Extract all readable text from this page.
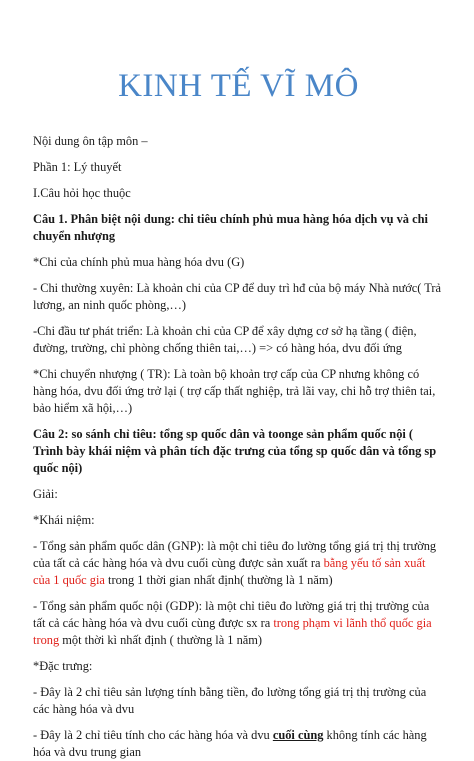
KINH TẾ VĨ MÔ

Nội dung ôn tập môn –

Phần 1: Lý thuyết

I.Câu hỏi học thuộc

Câu 1. Phân biệt nội dung: chi tiêu chính phủ mua hàng hóa dịch vụ và chi chuyển nhượng

*Chi của chính phủ mua hàng hóa dvu (G)

- Chi thường xuyên: Là khoản chi của CP để duy trì hđ của bộ máy Nhà nước( Trả lương, an ninh quốc phòng,…)

-Chi đầu tư phát triển: Là khoản chi của CP để xây dựng cơ sở hạ tầng ( điện, đường, trường, chỉ phòng chống thiên tai,…) => có hàng hóa, dvu đối ứng

*Chi chuyển nhượng ( TR): Là toàn bộ khoản trợ cấp của CP nhưng không có hàng hóa, dvu đối ứng trở lại ( trợ cấp thất nghiệp, trả lãi vay, chi hỗ trợ thiên tai, bảo hiểm xã hội,…)

Câu 2: so sánh chỉ tiêu: tổng sp quốc dân và toonge sản phẩm quốc nội ( Trình bày khái niệm và phân tích đặc trưng của tổng sp quốc dân và tổng sp quốc nội)

Giải:

*Khái niệm:

- Tổng sản phẩm quốc dân (GNP): là một chỉ tiêu đo lường tổng giá trị thị trường của tất cả các hàng hóa và dvu cuối cùng được sản xuất ra bằng yếu tố sản xuất của 1 quốc gia trong 1 thời gian nhất định( thường là 1 năm)

- Tổng sản phẩm quốc nội (GDP): là một chỉ tiêu đo lường giá trị thị trường của tất cả các hàng hóa và dvu cuối cùng được sx ra trong phạm vi lãnh thổ quốc gia trong một thời kì nhất định ( thường là 1 năm)

*Đặc trưng:

- Đây là 2 chỉ tiêu sản lượng tính bằng tiền, đo lường tổng giá trị thị trường của các hàng hóa và dvu

- Đây là 2 chỉ tiêu tính cho các hàng hóa và dvu cuối cùng không tính các hàng hóa và dvu trung gian
